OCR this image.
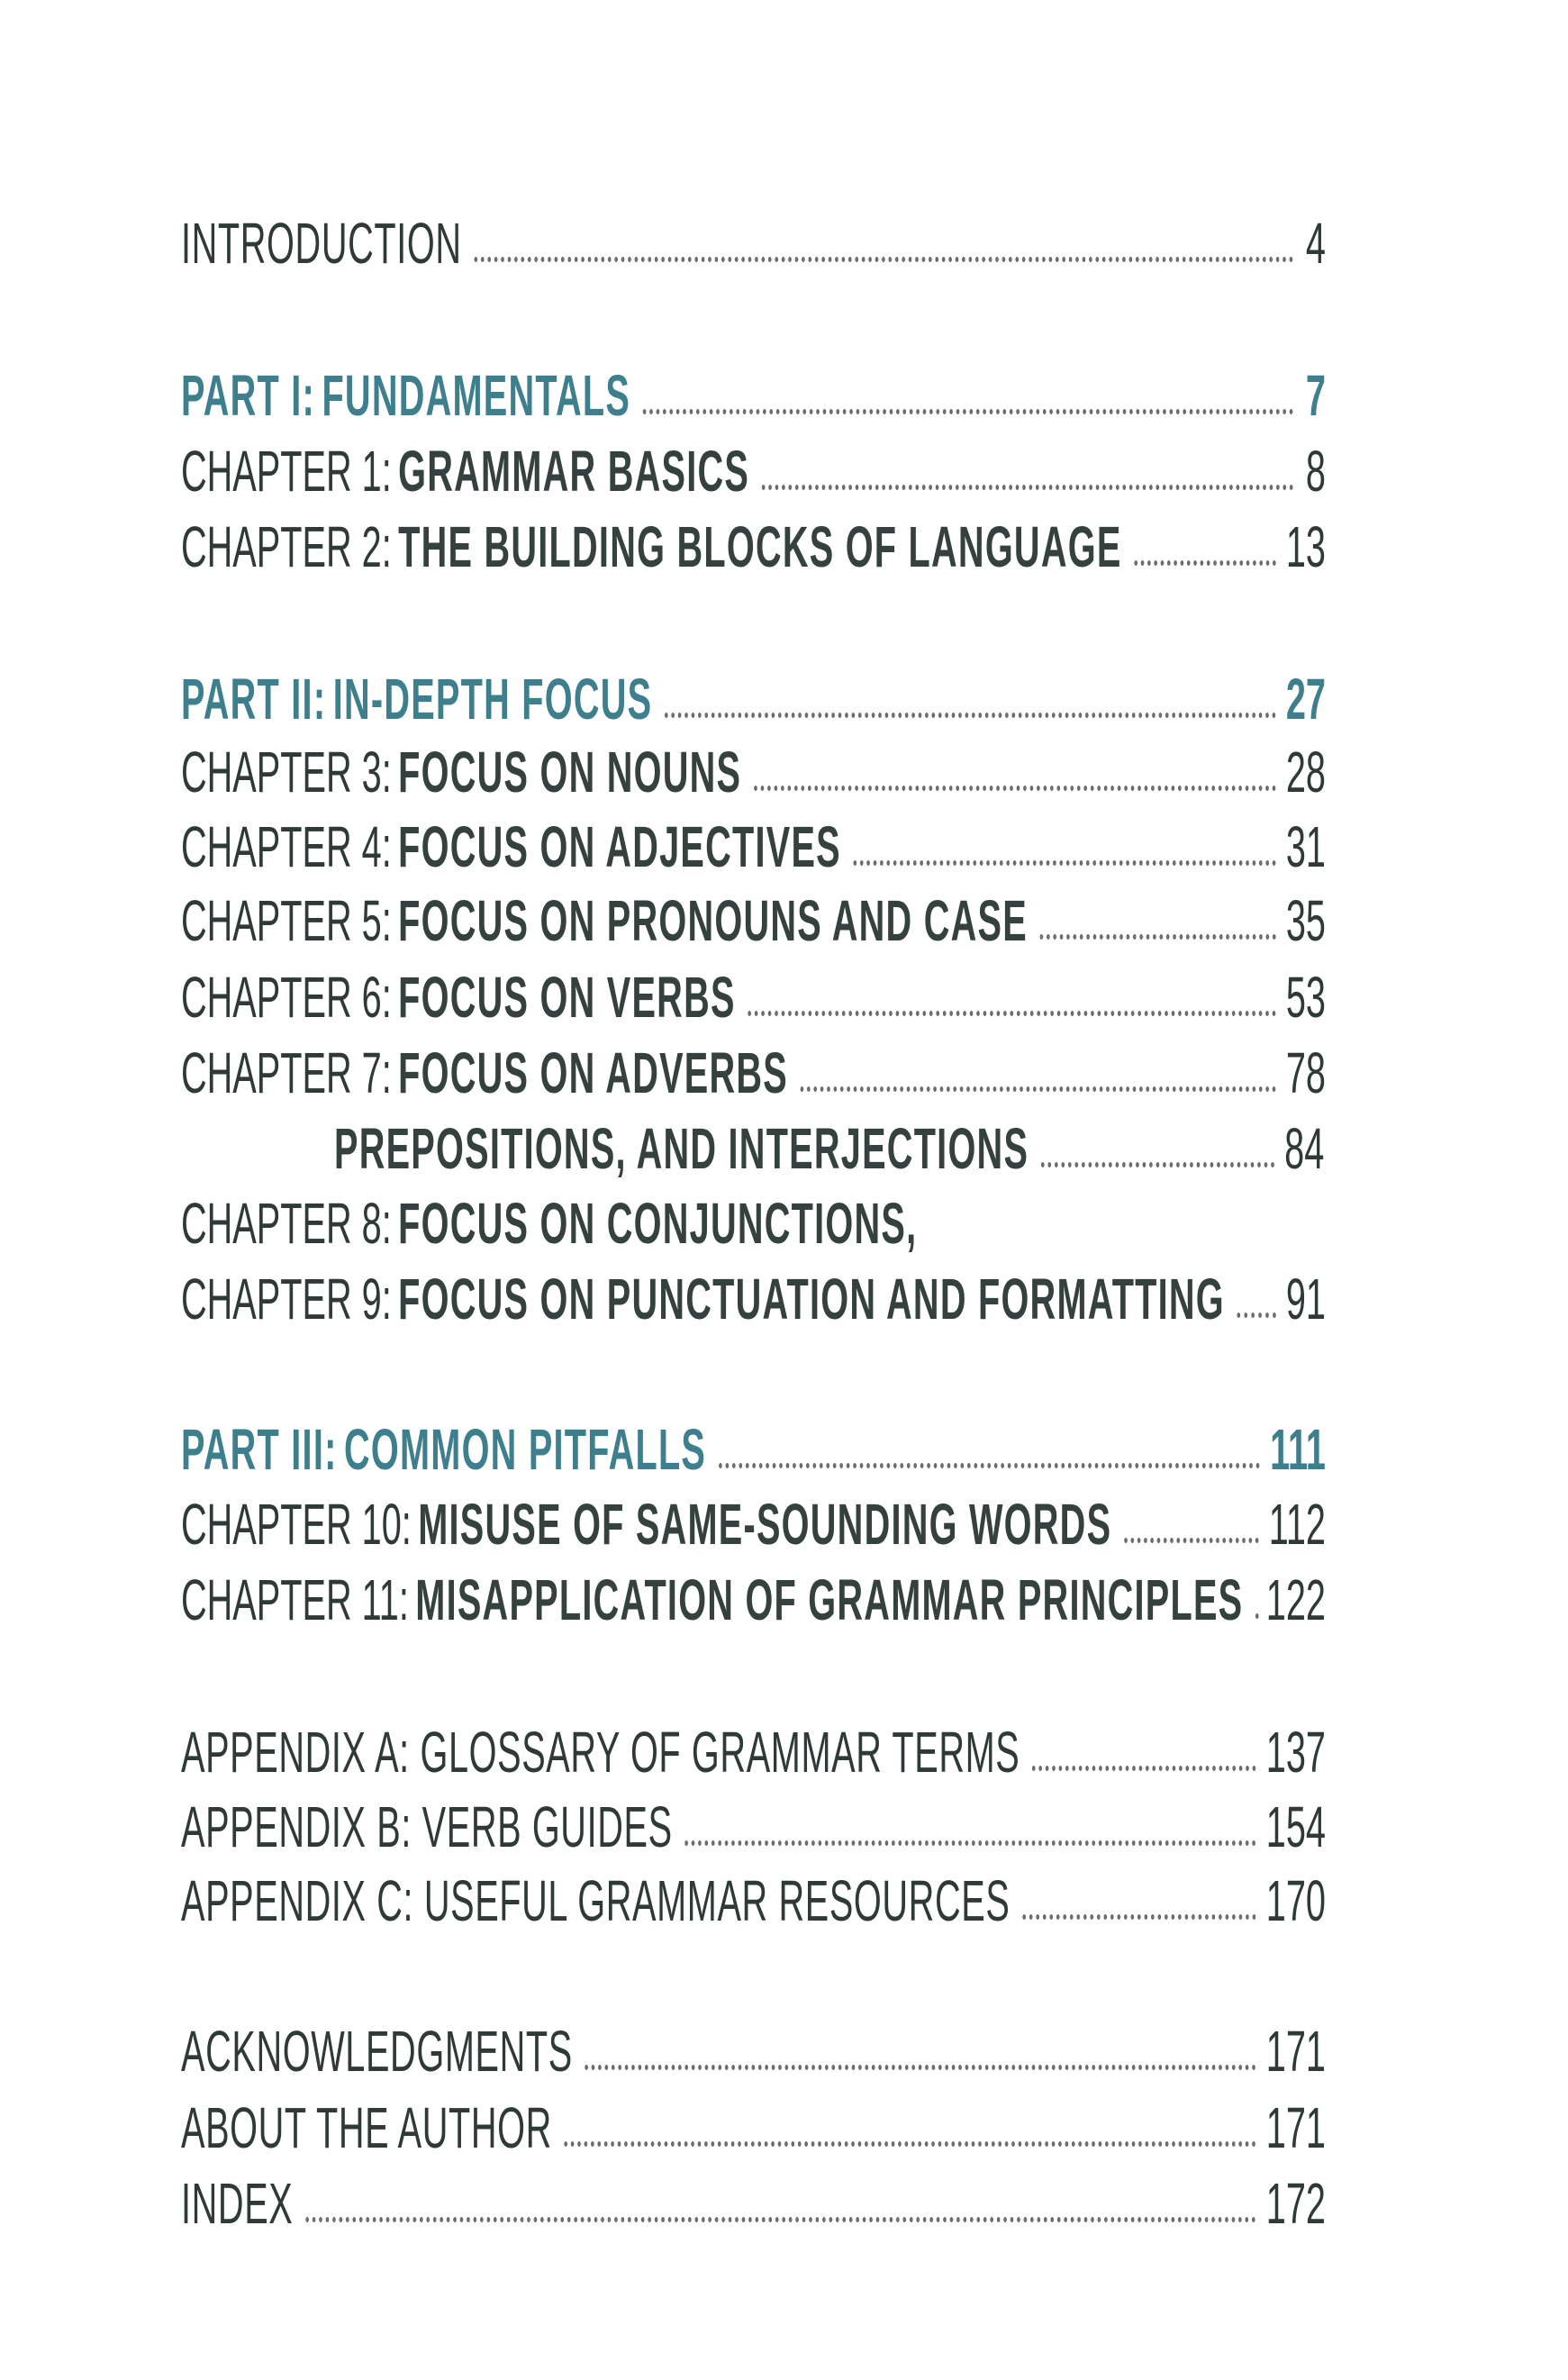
INTRODUCTION	4
PART I: FUNDAMENTALS	7
CHAPTER 1: GRAMMAR BASICS	8
CHAPTER 2: THE BUILDING BLOCKS OF LANGUAGE	13
PART II: IN-DEPTH FOCUS	27
CHAPTER 3: FOCUS ON NOUNS	28
CHAPTER 4: FOCUS ON ADJECTIVES	31
CHAPTER 5: FOCUS ON PRONOUNS AND CASE	35
CHAPTER 6: FOCUS ON VERBS	53
CHAPTER 7: FOCUS ON ADVERBS	78
CHAPTER 8: FOCUS ON CONJUNCTIONS,
PREPOSITIONS, AND INTERJECTIONS	84
CHAPTER 9: FOCUS ON PUNCTUATION AND FORMATTING 91
PART III: COMMON PITFALLS	111
CHAPTER 10: MISUSE OF SAME-SOUNDING WORDS	112
CHAPTER 11: MISAPPLICATION OF GRAMMAR PRINCIPLES 122
APPENDIX A: GLOSSARY OF GRAMMAR TERMS	137
APPENDIX B: VERB GUIDES	154
APPENDIX C: USEFUL GRAMMAR RESOURCES	170
ACKNOWLEDGMENTS	171
ABOUT THE AUTHOR	171
INDEX	172
